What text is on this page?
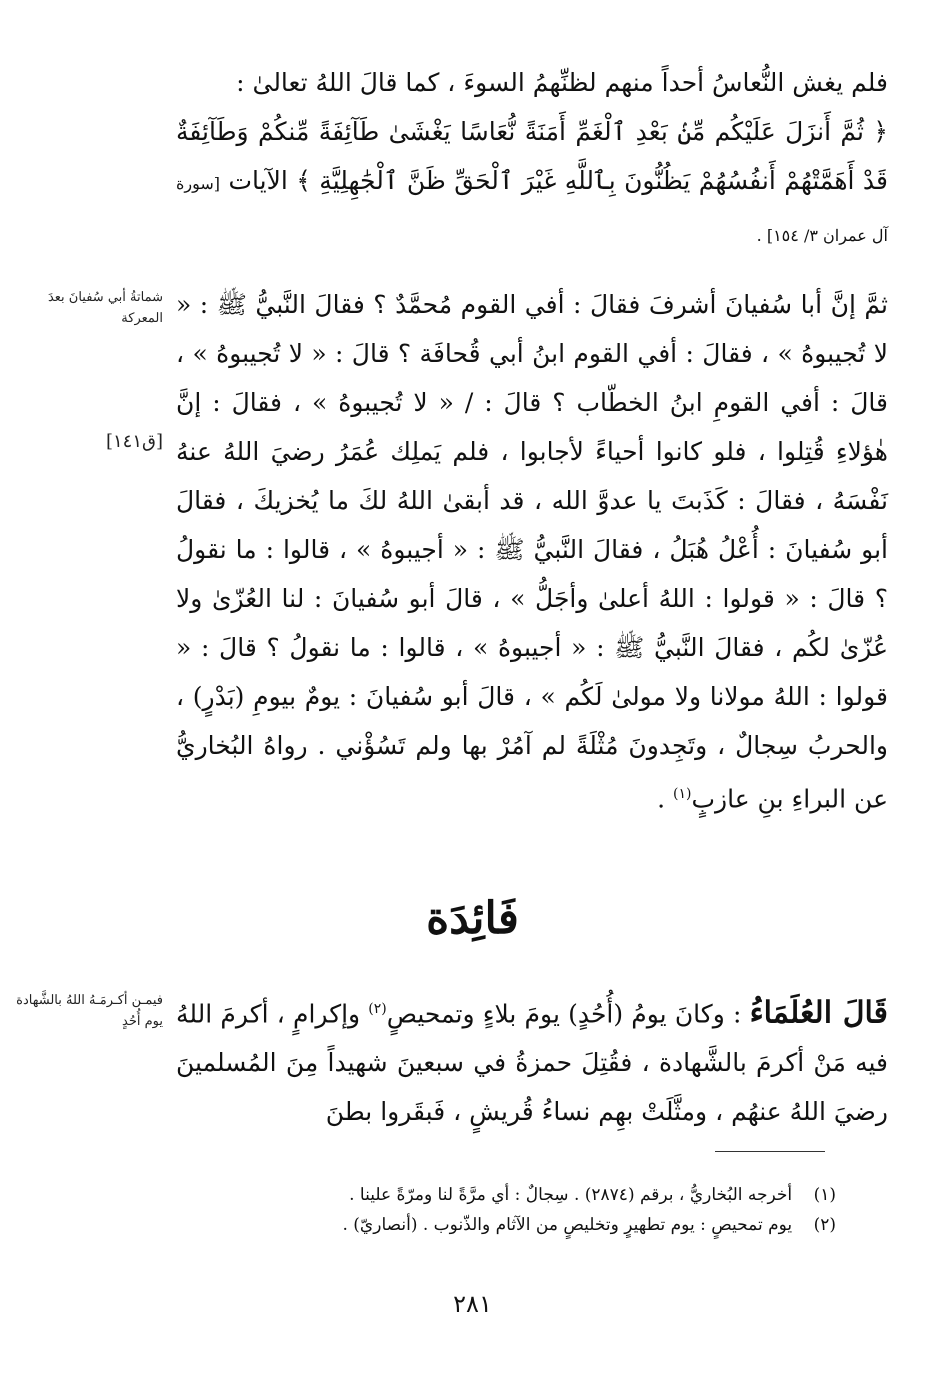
فلم يغش النُّعاسُ أحداً منهم لظنِّهمُ السوءَ ، كما قالَ اللهُ تعالىٰ :

﴿ ثُمَّ أَنزَلَ عَلَيْكُم مِّنۢ بَعْدِ ٱلْغَمِّ أَمَنَةً نُّعَاسًا يَغْشَىٰ طَآئِفَةً مِّنكُمْ وَطَآئِفَةٌ قَدْ أَهَمَّتْهُمْ أَنفُسُهُمْ يَظُنُّونَ بِٱللَّهِ غَيْرَ ٱلْحَقِّ ظَنَّ ٱلْجَٰهِلِيَّةِ ﴾ الآيات [سورة آل عمران ٣/ ١٥٤] .

شماتةُ أبي سُفيانَ بعدَ المعركة
[ق١٤١]
ثمَّ إنَّ أبا سُفيانَ أشرفَ فقالَ : أفي القوم مُحمَّدٌ ؟ فقالَ النَّبيُّ ﷺ : « لا تُجيبوهُ » ، فقالَ : أفي القوم ابنُ أبي قُحافَة ؟ قالَ : « لا تُجيبوهُ » ، قالَ : أفي القومِ ابنُ الخطّاب ؟ قالَ : / « لا تُجيبوهُ » ، فقالَ : إنَّ هٰؤلاءِ قُتِلوا ، فلو كانوا أحياءً لأجابوا ، فلم يَملِك عُمَرُ رضيَ اللهُ عنهُ نَفْسَهُ ، فقالَ : كَذَبتَ يا عدوَّ الله ، قد أبقىٰ اللهُ لكَ ما يُخزيكَ ، فقالَ أبو سُفيانَ : أُعْلُ هُبَلُ ، فقالَ النَّبيُّ ﷺ : « أجيبوهُ » ، قالوا : ما نقولُ ؟ قالَ : « قولوا : اللهُ أعلىٰ وأجَلُّ » ، قالَ أبو سُفيانَ : لنا العُزّىٰ ولا عُزّىٰ لكُم ، فقالَ النَّبيُّ ﷺ : « أجيبوهُ » ، قالوا : ما نقولُ ؟ قالَ : « قولوا : اللهُ مولانا ولا مولىٰ لَكُم » ، قالَ أبو سُفيانَ : يومٌ بيومِ (بَدْرٍ) ، والحربُ سِجالٌ ، وتَجِدونَ مُثْلَةً لم آمُرْ بها ولم تَسُؤْني . رواهُ البُخاريُّ عن البراءِ بنِ عازبٍ$^{(١)}$ .
فَائِدَة
فيمـن أكـرمَـهُ اللهُ بالشَّهادة يوم أُحُدٍ	قَالَ العُلَمَاءُ : وكانَ يومُ (أُحُدٍ) يومَ بلاءٍ وتمحيصٍ$^{(٢)}$ وإكرامٍ ، أكرمَ اللهُ فيه مَنْ أكرمَ بالشَّهادة ، فقُتِلَ حمزةُ في سبعينَ شهيداً مِنَ المُسلمينَ رضيَ اللهُ عنهُم ، ومثَّلَتْ بهِم نساءُ قُريشٍ ، فَبقَروا بطنَ

(١) أخرجه البُخاريُّ ، برقم (٢٨٧٤) . سِجالٌ : أي مرَّةً لنا ومرّةً علينا .

(٢) يوم تمحيصٍ : يوم تطهيرٍ وتخليصٍ من الآثام والذّنوب . (أنصاريّ) .

٢٨١
